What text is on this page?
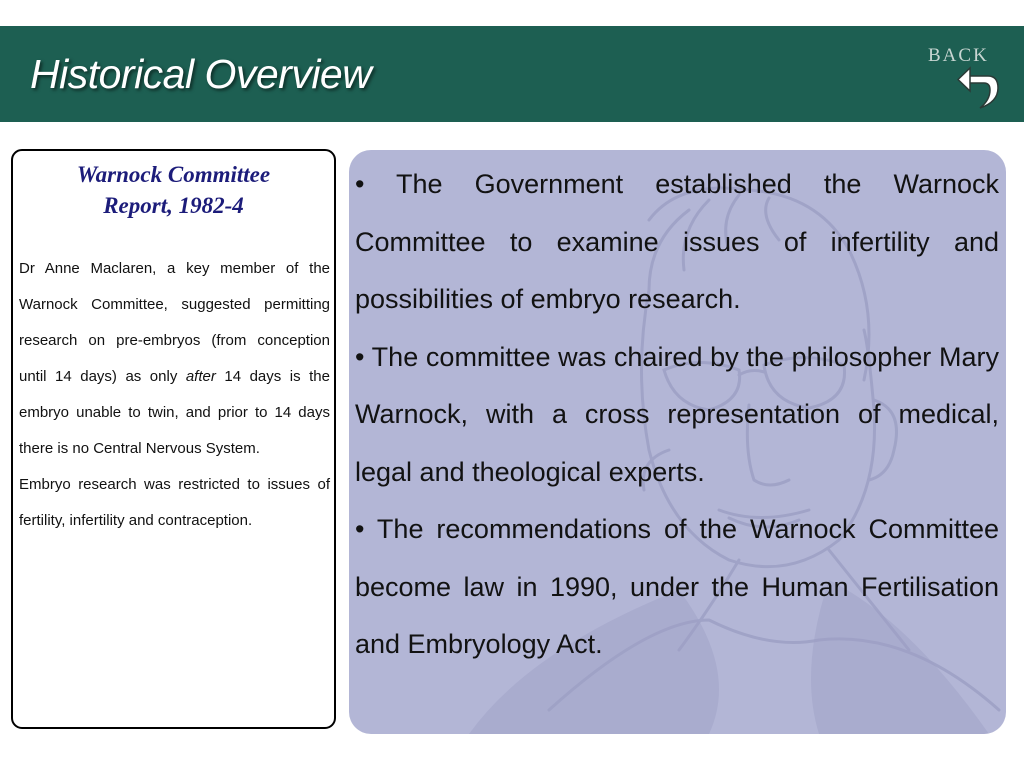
Historical Overview	BACK
Warnock Committee
Report, 1982-4

Dr Anne Maclaren, a key member of the Warnock Committee, suggested permitting research on pre-embryos (from conception until 14 days) as only after 14 days is the embryo unable to twin, and prior to 14 days there is no Central Nervous System.

Embryo research was restricted to issues of fertility, infertility and contraception.

• The Government established the Warnock Committee to examine issues of infertility and possibilities of embryo research.

• The committee was chaired by the philosopher Mary Warnock, with a cross representation of medical, legal and theological experts.

• The recommendations of the Warnock Committee become law in 1990, under the Human Fertilisation and Embryology Act.
